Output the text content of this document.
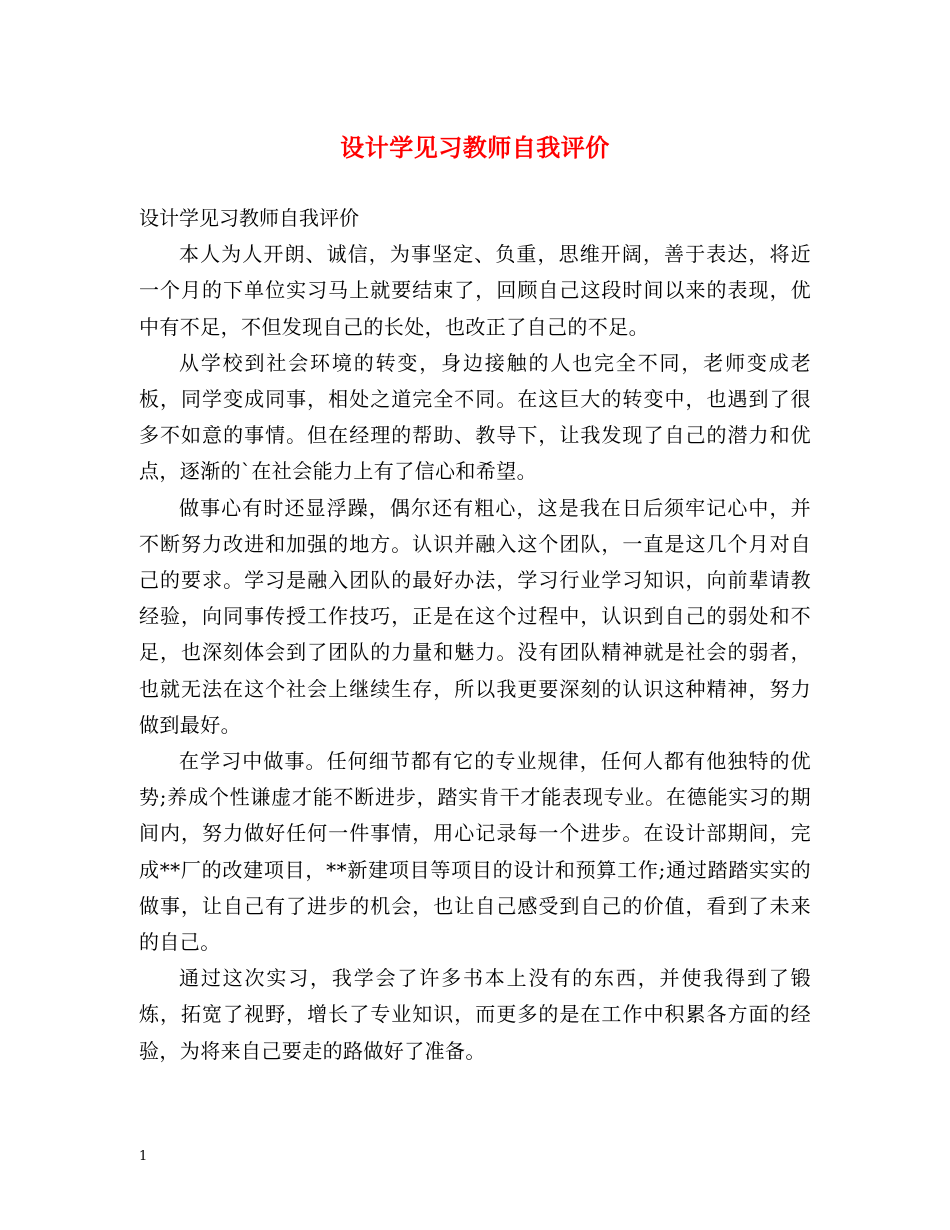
设计学见习教师自我评价

设计学见习教师自我评价

本人为人开朗、诚信，为事坚定、负重，思维开阔，善于表达，将近一个月的下单位实习马上就要结束了，回顾自己这段时间以来的表现，优中有不足，不但发现自己的长处，也改正了自己的不足。

从学校到社会环境的转变，身边接触的人也完全不同，老师变成老板，同学变成同事，相处之道完全不同。在这巨大的转变中，也遇到了很多不如意的事情。但在经理的帮助、教导下，让我发现了自己的潜力和优点，逐渐的`在社会能力上有了信心和希望。

做事心有时还显浮躁，偶尔还有粗心，这是我在日后须牢记心中，并不断努力改进和加强的地方。认识并融入这个团队，一直是这几个月对自己的要求。学习是融入团队的最好办法，学习行业学习知识，向前辈请教经验，向同事传授工作技巧，正是在这个过程中，认识到自己的弱处和不足，也深刻体会到了团队的力量和魅力。没有团队精神就是社会的弱者，也就无法在这个社会上继续生存，所以我更要深刻的认识这种精神，努力做到最好。

在学习中做事。任何细节都有它的专业规律，任何人都有他独特的优势;养成个性谦虚才能不断进步，踏实肯干才能表现专业。在德能实习的期间内，努力做好任何一件事情，用心记录每一个进步。在设计部期间，完成**厂的改建项目，**新建项目等项目的设计和预算工作;通过踏踏实实的做事，让自己有了进步的机会，也让自己感受到自己的价值，看到了未来的自己。

通过这次实习，我学会了许多书本上没有的东西，并使我得到了锻炼，拓宽了视野，增长了专业知识，而更多的是在工作中积累各方面的经验，为将来自己要走的路做好了准备。

1
